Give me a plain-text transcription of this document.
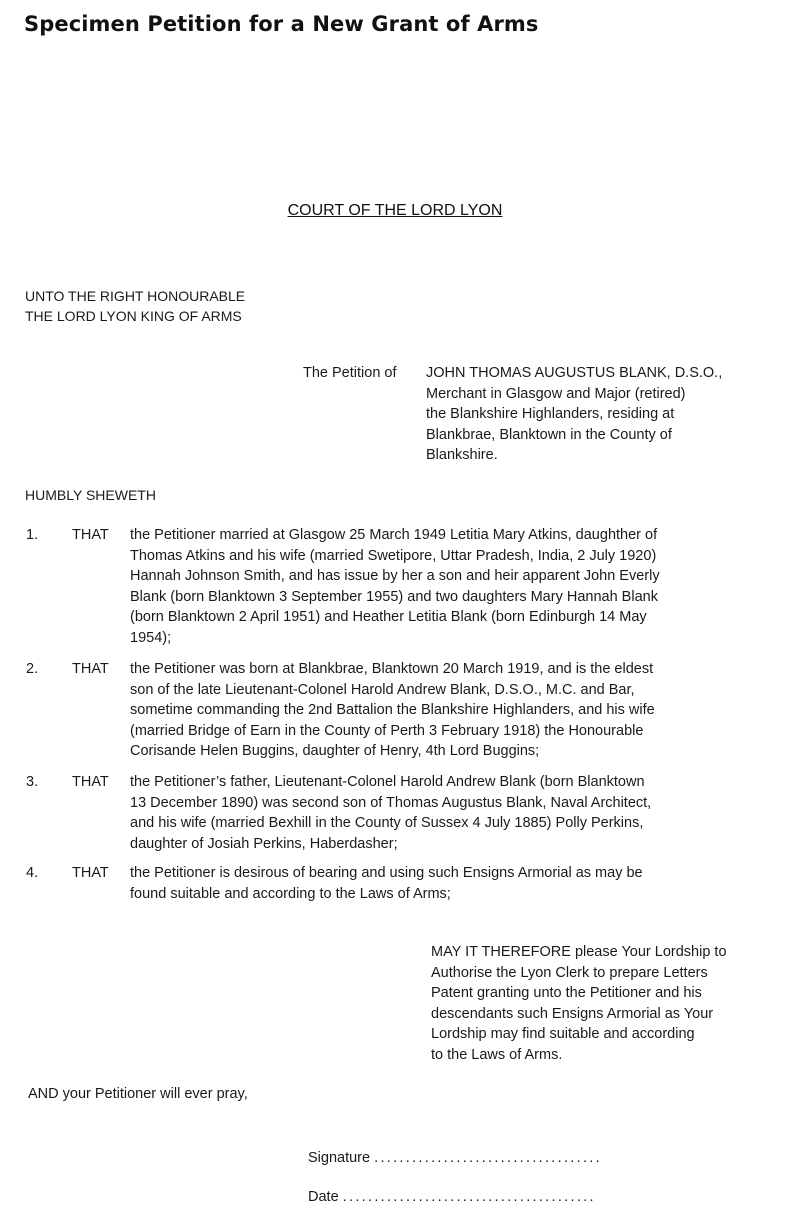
Specimen Petition for a New Grant of Arms
COURT OF THE LORD LYON
UNTO THE RIGHT HONOURABLE
THE LORD LYON KING OF ARMS
The Petition of JOHN THOMAS AUGUSTUS BLANK, D.S.O.,
Merchant in Glasgow and Major (retired)
the Blankshire Highlanders, residing at
Blankbrae, Blanktown in the County of
Blankshire.
HUMBLY SHEWETH
1. THAT the Petitioner married at Glasgow 25 March 1949 Letitia Mary Atkins, daughther of
Thomas Atkins and his wife (married Swetipore, Uttar Pradesh, India, 2 July 1920)
Hannah Johnson Smith, and has issue by her a son and heir apparent John Everly
Blank (born Blanktown 3 September 1955) and two daughters Mary Hannah Blank
(born Blanktown 2 April 1951) and Heather Letitia Blank (born Edinburgh 14 May
1954);
2. THAT the Petitioner was born at Blankbrae, Blanktown 20 March 1919, and is the eldest
son of the late Lieutenant-Colonel Harold Andrew Blank, D.S.O., M.C. and Bar,
sometime commanding the 2nd Battalion the Blankshire Highlanders, and his wife
(married Bridge of Earn in the County of Perth 3 February 1918) the Honourable
Corisande Helen Buggins, daughter of Henry, 4th Lord Buggins;
3. THAT the Petitioner’s father, Lieutenant-Colonel Harold Andrew Blank (born Blanktown
13 December 1890) was second son of Thomas Augustus Blank, Naval Architect,
and his wife (married Bexhill in the County of Sussex 4 July 1885) Polly Perkins,
daughter of Josiah Perkins, Haberdasher;
4. THAT the Petitioner is desirous of bearing and using such Ensigns Armorial as may be
found suitable and according to the Laws of Arms;
MAY IT THEREFORE please Your Lordship to
Authorise the Lyon Clerk to prepare Letters
Patent granting unto the Petitioner and his
descendants such Ensigns Armorial as Your
Lordship may find suitable and according
to the Laws of Arms.
AND your Petitioner will ever pray,
Signature ....................................
Date ........................................
